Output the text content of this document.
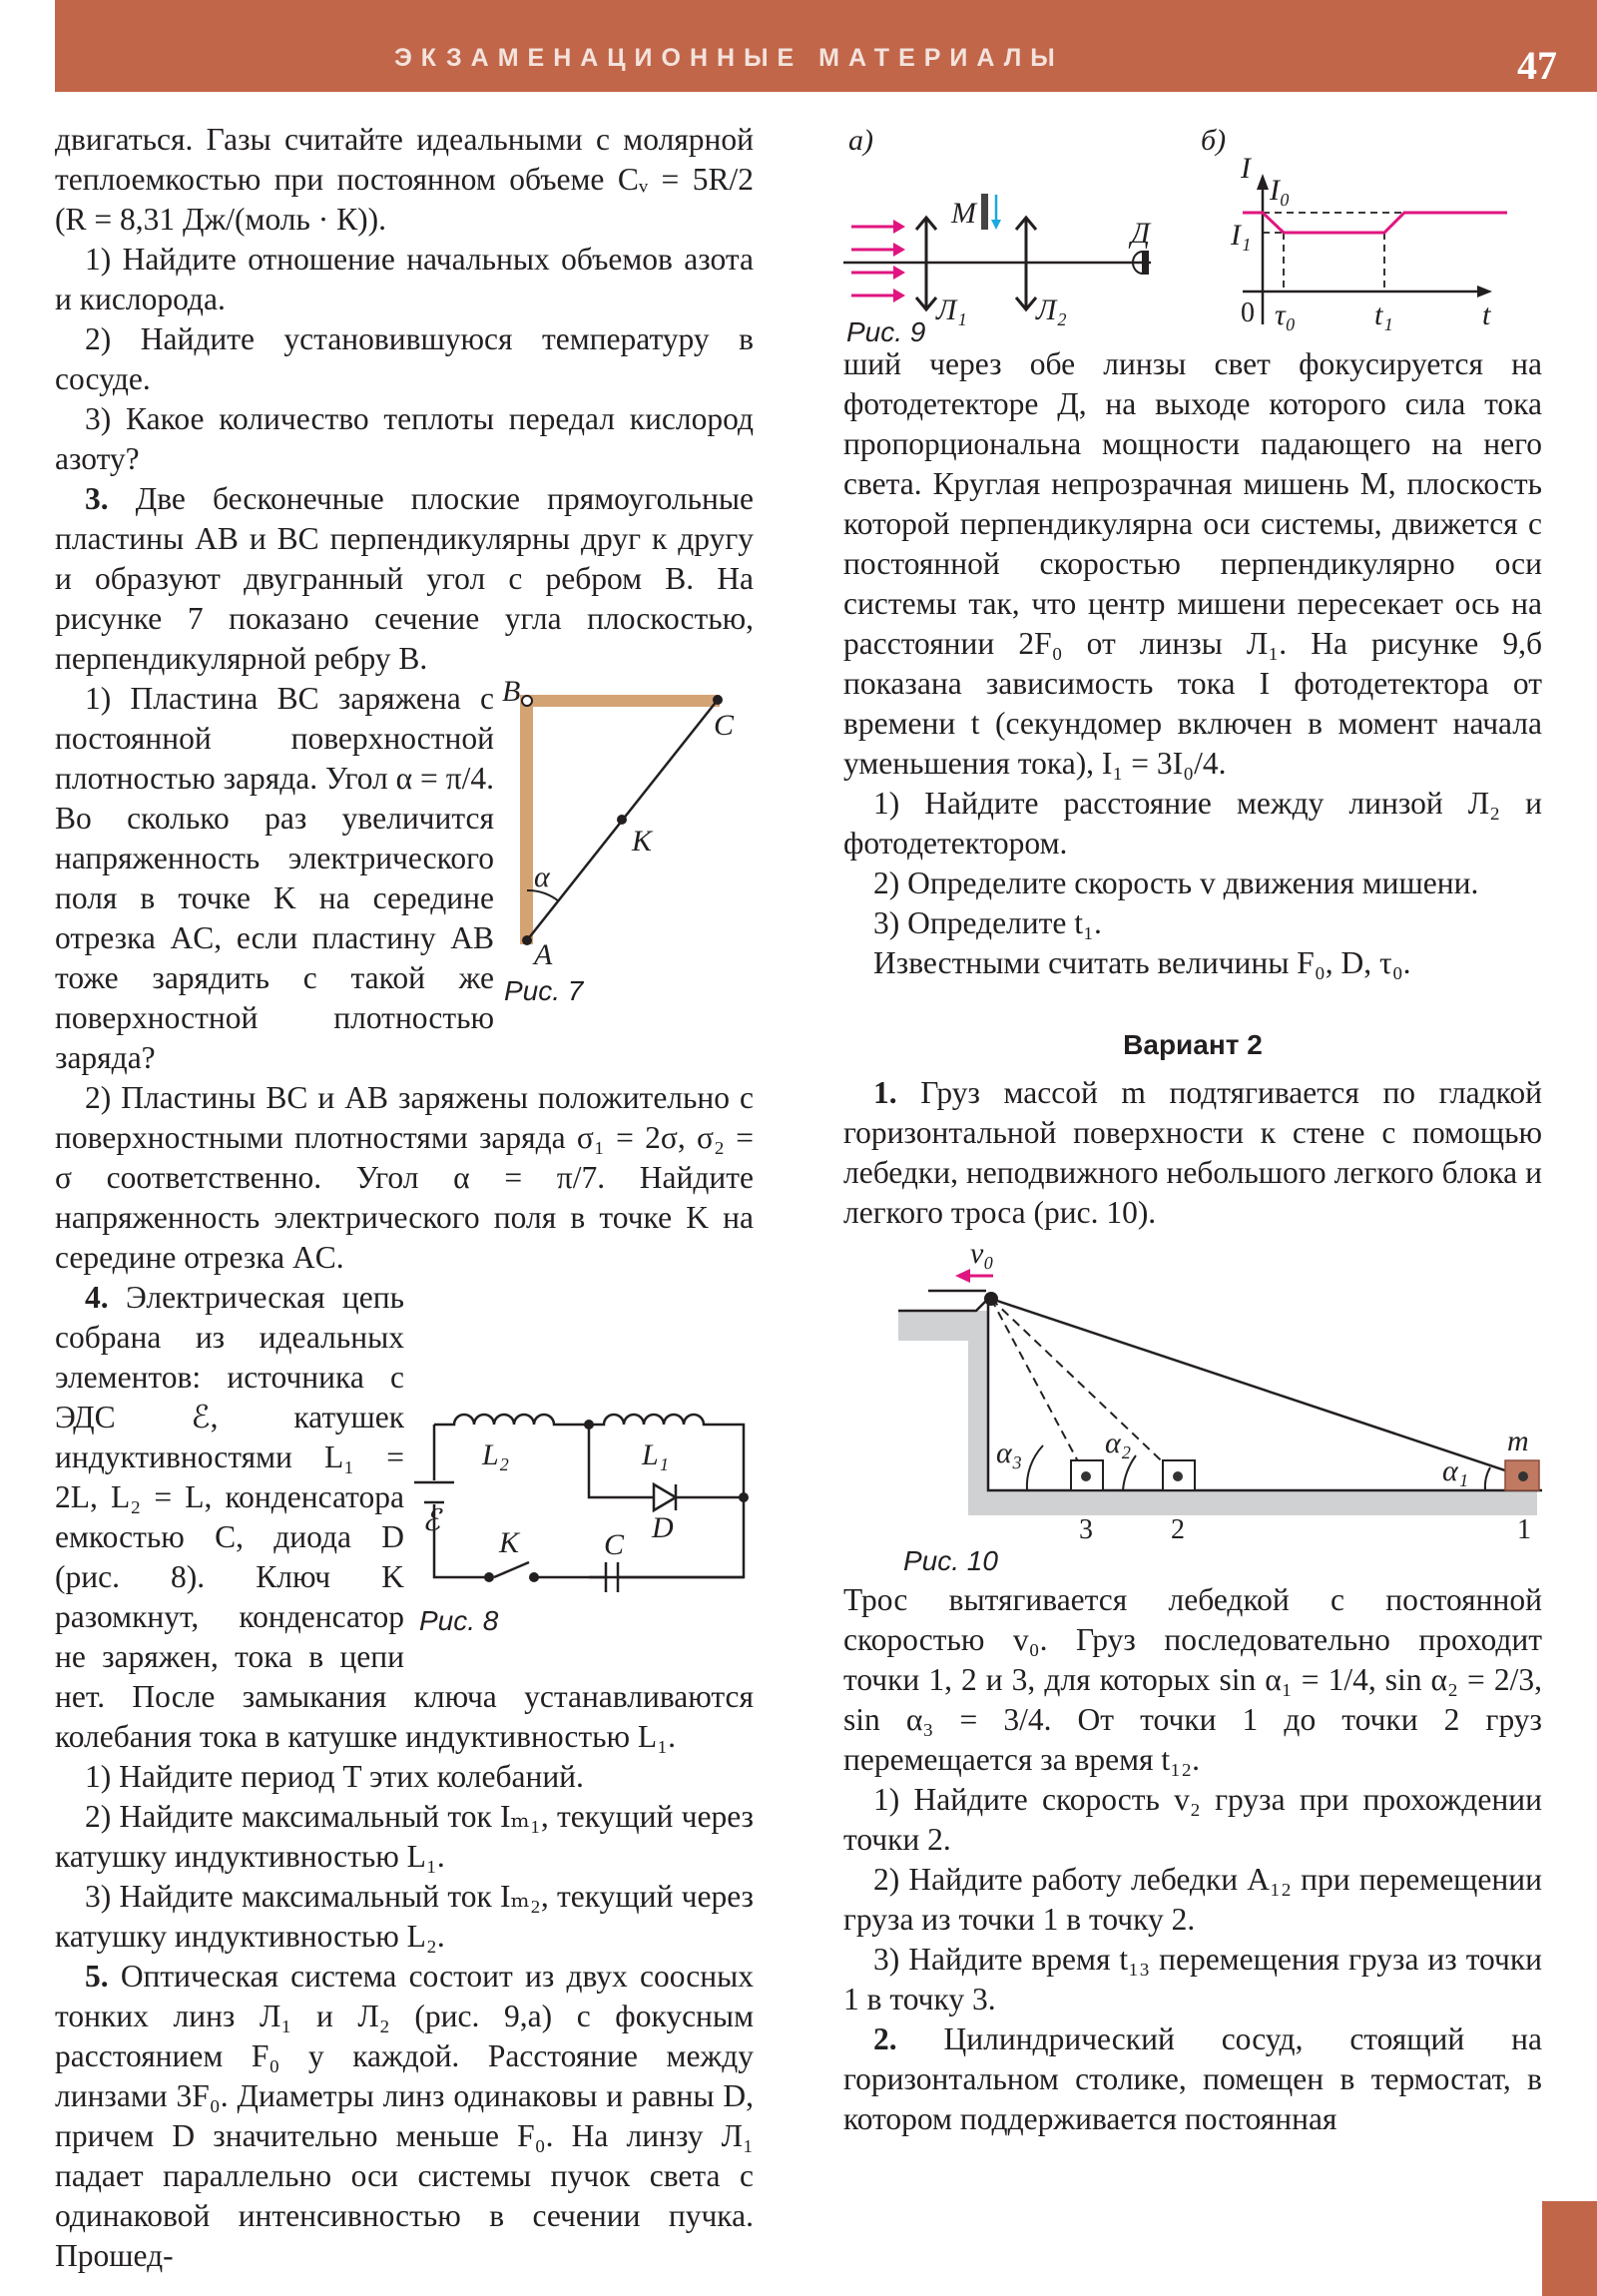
ЭКЗАМЕНАЦИОННЫЕ МАТЕРИАЛЫ	47

двигаться. Газы считайте идеальными с молярной теплоемкостью при постоянном объеме Cᵥ = 5R/2 (R = 8,31 Дж/(моль · К)).

1) Найдите отношение начальных объемов азота и кислорода.

2) Найдите установившуюся температуру в сосуде.

3) Какое количество теплоты передал кислород азоту?

3. Две бесконечные плоские прямоугольные пластины AB и BC перпендикулярны друг к другу и образуют двугранный угол с ребром B. На рисунке 7 показано сечение угла плоскостью, перпендикулярной ребру B.

B
C
K
A
α
Рис. 7

1) Пластина BC заряжена с постоянной поверхностной плотностью заряда. Угол α = π/4. Во сколько раз увеличится напряженность электрического поля в точке K на середине отрезка AC, если пластину AB тоже зарядить с такой же поверхностной плотностью заряда?

2) Пластины BC и AB заряжены положительно с поверхностными плотностями заряда σ₁ = 2σ, σ₂ = σ соответственно. Угол α = π/7. Найдите напряженность электрического поля в точке K на середине отрезка AC.

L₂	L₁
ℰ	D
K	C
Рис. 8

4. Электрическая цепь собрана из идеальных элементов: источника с ЭДС ℰ, катушек индуктивностями L₁ = 2L, L₂ = L, конденсатора емкостью C, диода D (рис. 8). Ключ K разомкнут, конденсатор не заряжен, тока в цепи нет. После замыкания ключа устанавливаются колебания тока в катушке индуктивностью L₁.

1) Найдите период T этих колебаний.

2) Найдите максимальный ток Iₘ₁, текущий через катушку индуктивностью L₁.

3) Найдите максимальный ток Iₘ₂, текущий через катушку индуктивностью L₂.

5. Оптическая система состоит из двух соосных тонких линз Л₁ и Л₂ (рис. 9,а) с фокусным расстоянием F₀ у каждой. Расстояние между линзами 3F₀. Диаметры линз одинаковы и равны D, причем D значительно меньше F₀. На линзу Л₁ падает параллельно оси системы пучок света с одинаковой интенсивностью в сечении пучка. Прошед-

а)
M
Д
Л₁ Л₂
Рис. 9
б)
I
I₀
I₁
0 τ₀	t₁	t

ший через обе линзы свет фокусируется на фотодетекторе Д, на выходе которого сила тока пропорциональна мощности падающего на него света. Круглая непрозрачная мишень M, плоскость которой перпендикулярна оси системы, движется с постоянной скоростью перпендикулярно оси системы так, что центр мишени пересекает ось на расстоянии 2F₀ от линзы Л₁. На рисунке 9,б показана зависимость тока I фотодетектора от времени t (секундомер включен в момент начала уменьшения тока), I₁ = 3I₀/4.

1) Найдите расстояние между линзой Л₂ и фотодетектором.

2) Определите скорость v движения мишени.

3) Определите t₁.

Известными считать величины F₀, D, τ₀.

Вариант 2

1. Груз массой m подтягивается по гладкой горизонтальной поверхности к стене с помощью лебедки, неподвижного небольшого легкого блока и легкого троса (рис. 10).

v₀
m
α₁
α₂
α₃
1
2
3
Рис. 10

Трос вытягивается лебедкой с постоянной скоростью v₀. Груз последовательно проходит точки 1, 2 и 3, для которых sin α₁ = 1/4, sin α₂ = 2/3, sin α₃ = 3/4. От точки 1 до точки 2 груз перемещается за время t₁₂.

1) Найдите скорость v₂ груза при прохождении точки 2.

2) Найдите работу лебедки A₁₂ при перемещении груза из точки 1 в точку 2.

3) Найдите время t₁₃ перемещения груза из точки 1 в точку 3.

2. Цилиндрический сосуд, стоящий на горизонтальном столике, помещен в термостат, в котором поддерживается постоянная
